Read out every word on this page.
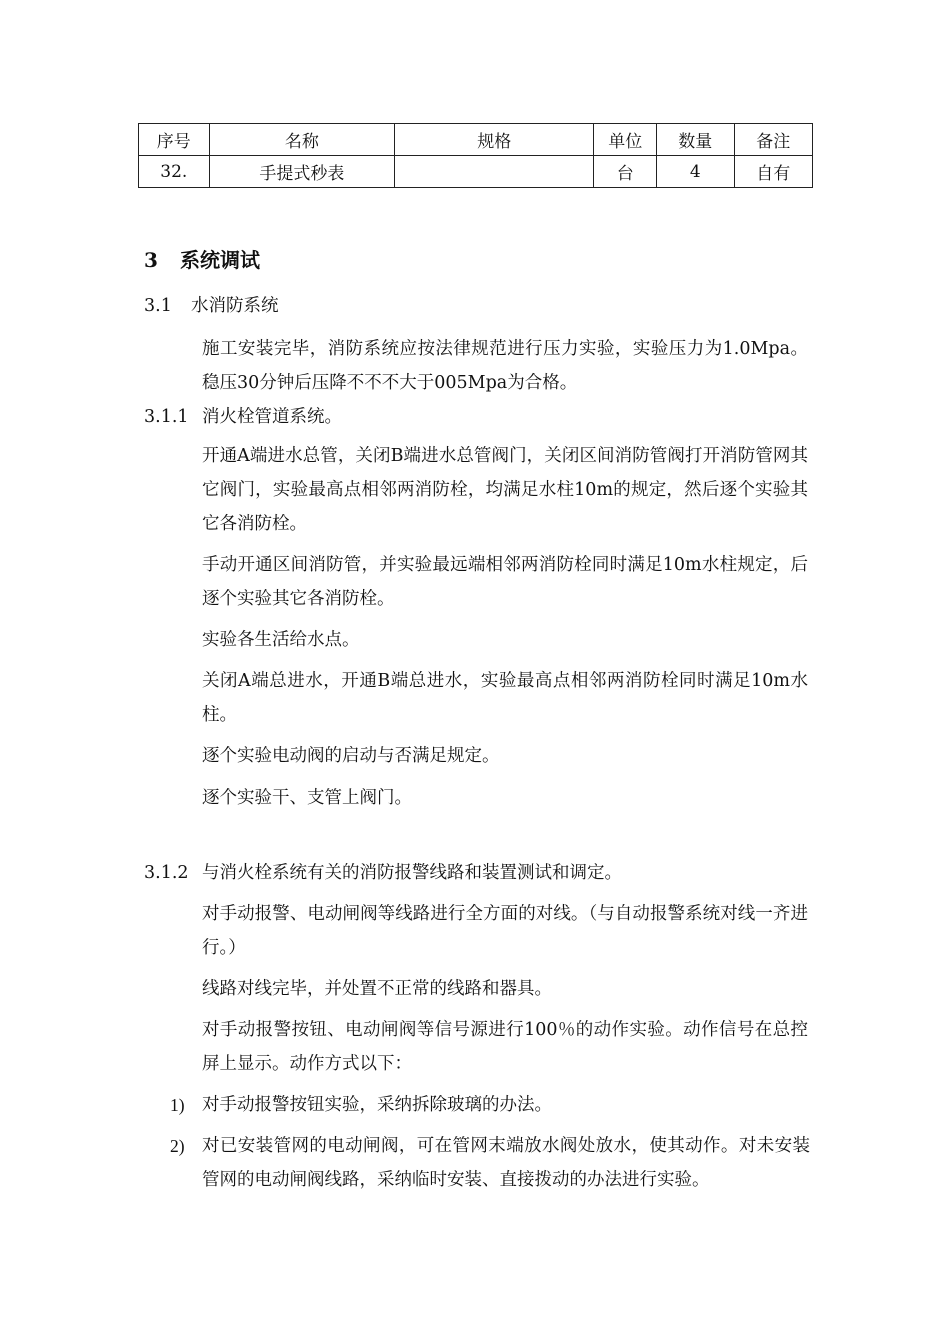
序号	名称	规格	单位	数量	备注
32.	手提式秒表		台	4	自有
3 系统调试
3.1 水消防系统
施工安装完毕，消防系统应按法律规范进行压力实验，实验压力为1.0Mpa。稳压30分钟后压降不不不大于005Mpa为合格。
3.1.1 消火栓管道系统。
开通A端进水总管，关闭B端进水总管阀门，关闭区间消防管阀打开消防管网其它阀门，实验最高点相邻两消防栓，均满足水柱10m的规定，然后逐个实验其它各消防栓。
手动开通区间消防管，并实验最远端相邻两消防栓同时满足10m水柱规定，后逐个实验其它各消防栓。
实验各生活给水点。
关闭A端总进水，开通B端总进水，实验最高点相邻两消防栓同时满足10m水柱。
逐个实验电动阀的启动与否满足规定。
逐个实验干、支管上阀门。
3.1.2 与消火栓系统有关的消防报警线路和装置测试和调定。
对手动报警、电动闸阀等线路进行全方面的对线。（与自动报警系统对线一齐进行。）
线路对线完毕，并处置不正常的线路和器具。
对手动报警按钮、电动闸阀等信号源进行100％的动作实验。动作信号在总控屏上显示。动作方式以下：
1) 对手动报警按钮实验，采纳拆除玻璃的办法。
2) 对已安装管网的电动闸阀，可在管网末端放水阀处放水，使其动作。对未安装管网的电动闸阀线路，采纳临时安装、直接拨动的办法进行实验。
